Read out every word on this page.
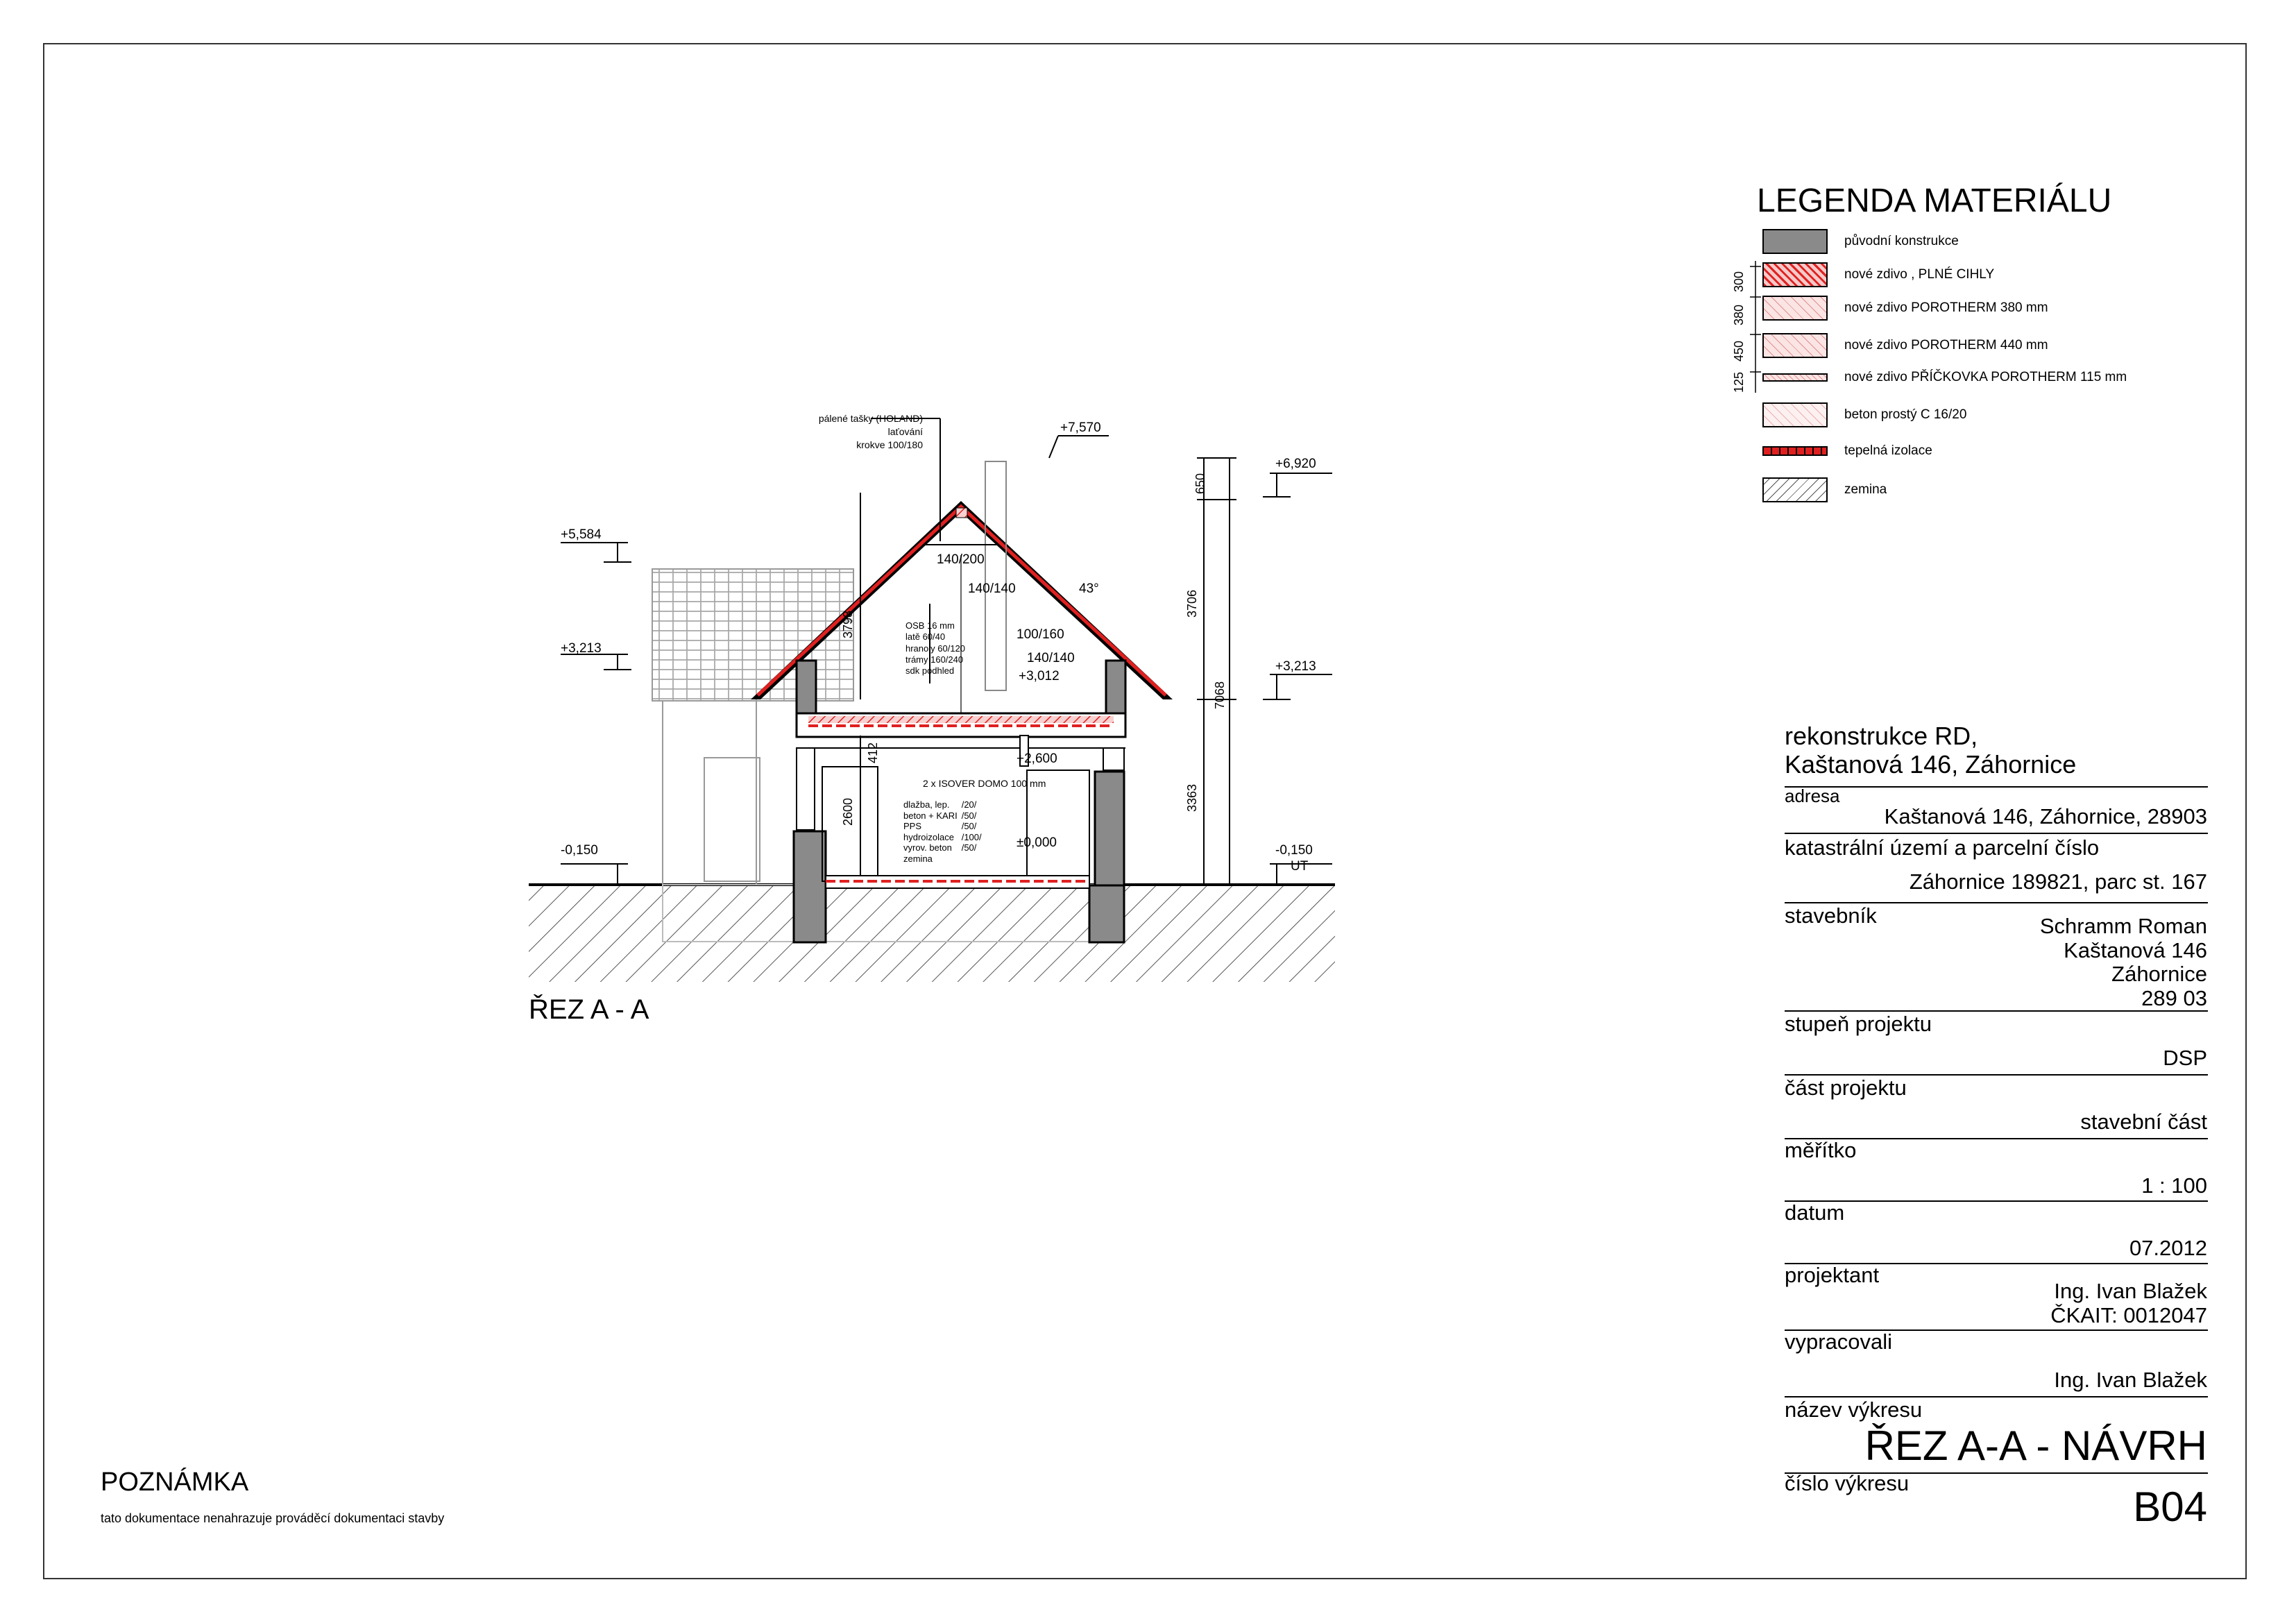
pálené tašky (HOLAND)
laťování
krokve 100/180
OSB 16 mm
latě 60/40
hranoly 60/120
trámy 160/240
sdk podhled
dlažba, lep.
beton + KARI
PPS
hydroizolace
vyrov. beton
zemina
/20/
/50/
/50/
/100/
/50/
2 x ISOVER DOMO 100 mm
140/200
140/140
100/160
140/140
43°
+7,570
+6,920
+5,584
+3,213
+3,213
+3,012
+2,600
±0,000
-0,150	-0,150
UT
3798
412
2600
650
3706
7068
3363
ŘEZ A - A
LEGENDA MATERIÁLU
300
380
450
125
původní konstrukce
nové zdivo , PLNÉ CIHLY
nové zdivo POROTHERM 380 mm
nové zdivo POROTHERM 440 mm
nové zdivo PŘÍČKOVKA POROTHERM 115 mm
beton prostý C 16/20
tepelná izolace
zemina
rekonstrukce RD,
Kaštanová 146, Záhornice
adresa
Kaštanová 146, Záhornice, 28903
katastrální území a parcelní číslo
Záhornice 189821, parc st. 167
stavebník	Schramm Roman
Kaštanová 146
Záhornice
289 03
stupeň projektu
DSP
část projektu
stavební část
měřítko
1 : 100
datum
07.2012
projektant
Ing. Ivan Blažek
ČKAIT: 0012047
vypracovali
Ing. Ivan Blažek
název výkresu
ŘEZ A-A - NÁVRH
číslo výkresu
B04
POZNÁMKA
tato dokumentace nenahrazuje prováděcí dokumentaci stavby
